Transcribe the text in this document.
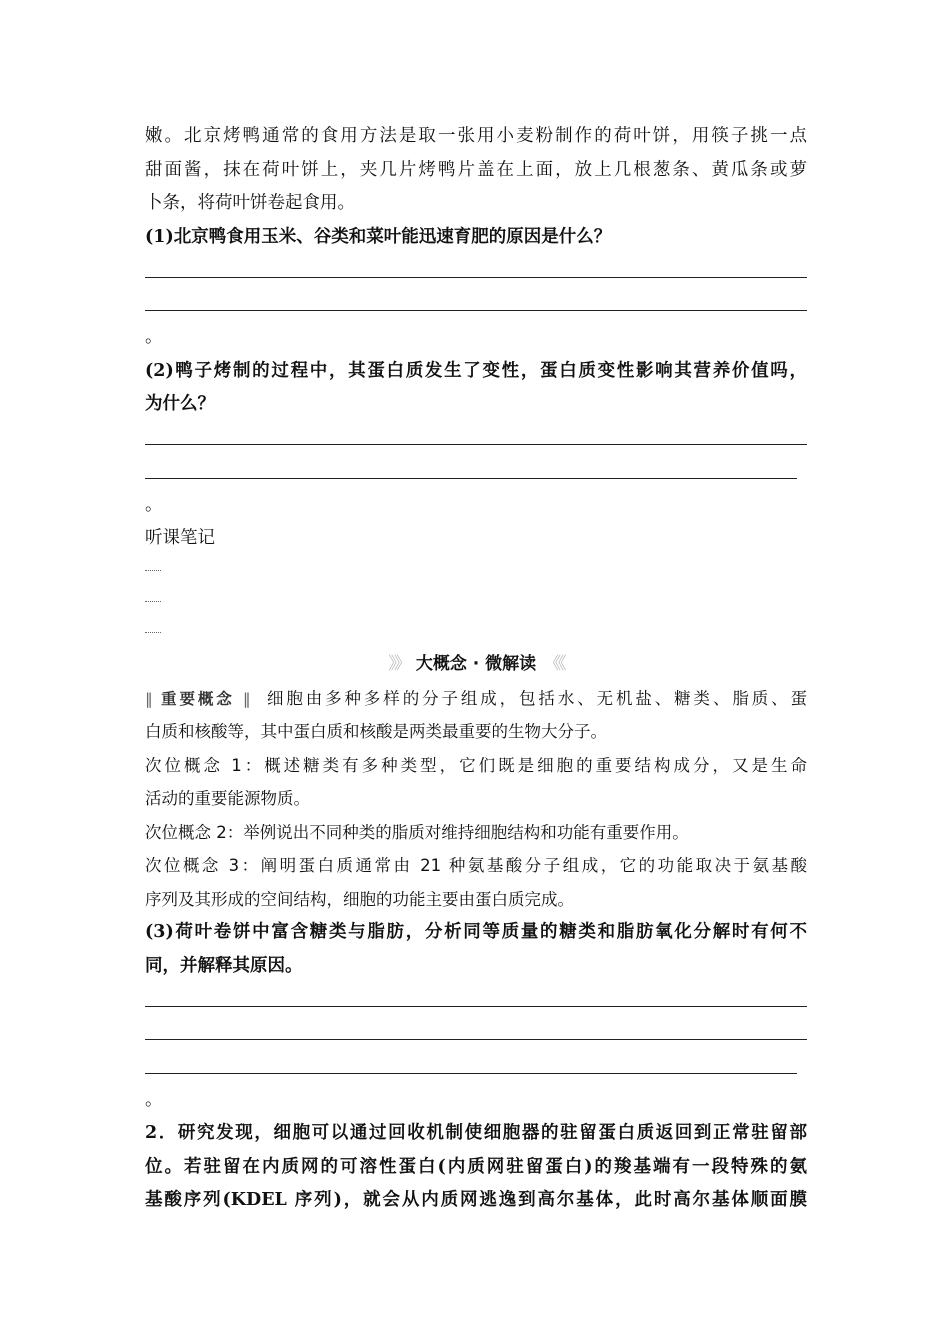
嫩。北京烤鸭通常的食用方法是取一张用小麦粉制作的荷叶饼，用筷子挑一点
甜面酱，抹在荷叶饼上，夹几片烤鸭片盖在上面，放上几根葱条、黄瓜条或萝
卜条，将荷叶饼卷起食用。
(1)北京鸭食用玉米、谷类和菜叶能迅速育肥的原因是什么？
。
(2)鸭子烤制的过程中，其蛋白质发生了变性，蛋白质变性影响其营养价值吗，
为什么？
。
听课笔记
》》 大概念 · 微解读 《《
‖ 重要概念 ‖ 细胞由多种多样的分子组成，包括水、无机盐、糖类、脂质、蛋
白质和核酸等，其中蛋白质和核酸是两类最重要的生物大分子。
次位概念 1：概述糖类有多种类型，它们既是细胞的重要结构成分，又是生命
活动的重要能源物质。
次位概念 2：举例说出不同种类的脂质对维持细胞结构和功能有重要作用。
次位概念 3：阐明蛋白质通常由 21 种氨基酸分子组成，它的功能取决于氨基酸
序列及其形成的空间结构，细胞的功能主要由蛋白质完成。
(3)荷叶卷饼中富含糖类与脂肪，分析同等质量的糖类和脂肪氧化分解时有何不
同，并解释其原因。
。
2．研究发现，细胞可以通过回收机制使细胞器的驻留蛋白质返回到正常驻留部
位。若驻留在内质网的可溶性蛋白(内质网驻留蛋白)的羧基端有一段特殊的氨
基酸序列(KDEL 序列)，就会从内质网逃逸到高尔基体，此时高尔基体顺面膜
